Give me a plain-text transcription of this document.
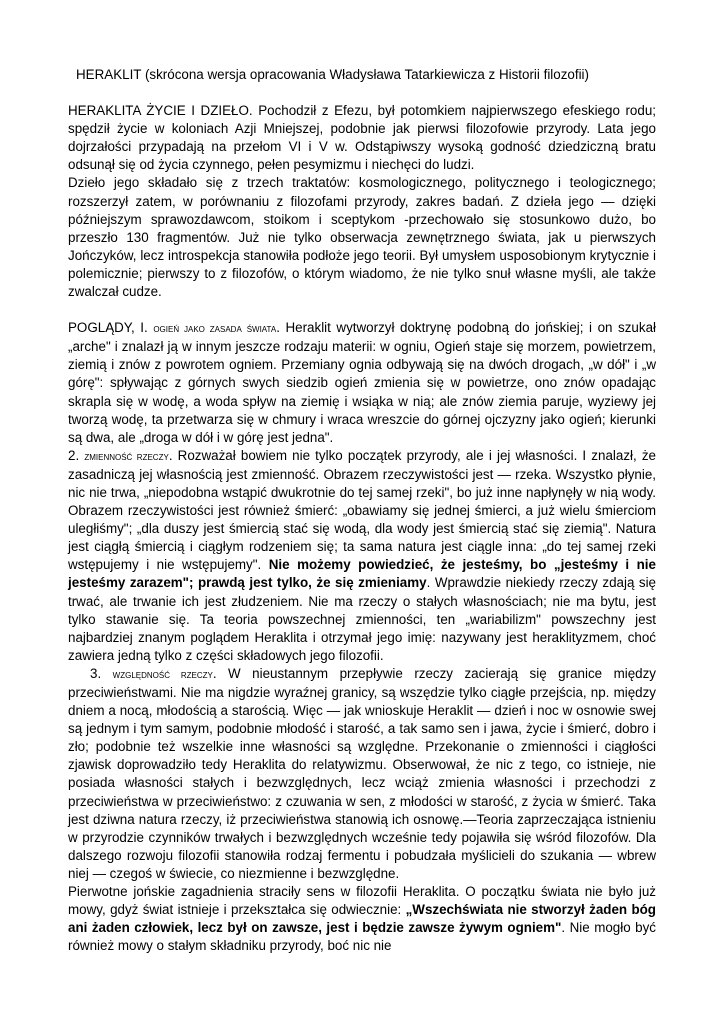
HERAKLIT (skrócona wersja opracowania Władysława Tatarkiewicza z Historii filozofii)

HERAKLITA ŻYCIE I DZIEŁO. Pochodził z Efezu, był potomkiem najpierwszego efeskiego rodu; spędził życie w koloniach Azji Mniejszej, podobnie jak pierwsi filozofowie przyrody. Lata jego dojrzałości przypadają na przełom VI i V w. Odstąpiwszy wysoką godność dziedziczną bratu odsunął się od życia czynnego, pełen pesymizmu i niechęci do ludzi.

Dzieło jego składało się z trzech traktatów: kosmologicznego, politycznego i teologicznego; rozszerzył zatem, w porównaniu z filozofami przyrody, zakres badań. Z dzieła jego — dzięki późniejszym sprawozdawcom, stoikom i sceptykom -przechowało się stosunkowo dużo, bo przeszło 130 fragmentów. Już nie tylko obserwacja zewnętrznego świata, jak u pierwszych Jończyków, lecz introspekcja stanowiła podłoże jego teorii. Był umysłem usposobionym krytycznie i polemicznie; pierwszy to z filozofów, o którym wiadomo, że nie tylko snuł własne myśli, ale także zwalczał cudze.

POGLĄDY, I. ogień jako zasada świata. Heraklit wytworzył doktrynę podobną do jońskiej; i on szukał „arche" i znalazł ją w innym jeszcze rodzaju materii: w ogniu, Ogień staje się morzem, powietrzem, ziemią i znów z powrotem ogniem. Przemiany ognia odbywają się na dwóch drogach, „w dół" i „w górę": spływając z górnych swych siedzib ogień zmienia się w powietrze, ono znów opadając skrapla się w wodę, a woda spływ na ziemię i wsiąka w nią; ale znów ziemia paruje, wyziewy jej tworzą wodę, ta przetwarza się w chmury i wraca wreszcie do górnej ojczyzny jako ogień; kierunki są dwa, ale „droga w dół i w górę jest jedna".

2. zmienność rzeczy. Rozważał bowiem nie tylko początek przyrody, ale i jej własności. I znalazł, że zasadniczą jej własnością jest zmienność. Obrazem rzeczywistości jest — rzeka. Wszystko płynie, nic nie trwa, „niepodobna wstąpić dwukrotnie do tej samej rzeki", bo już inne napłynęły w nią wody. Obrazem rzeczywistości jest również śmierć: „obawiamy się jednej śmierci, a już wielu śmierciom uległiśmy"; „dla duszy jest śmiercią stać się wodą, dla wody jest śmiercią stać się ziemią". Natura jest ciągłą śmiercią i ciągłym rodzeniem się; ta sama natura jest ciągle inna: „do tej samej rzeki wstępujemy i nie wstępujemy". Nie możemy powiedzieć, że jesteśmy, bo „jesteśmy i nie jesteśmy zarazem"; prawdą jest tylko, że się zmieniamy. Wprawdzie niekiedy rzeczy zdają się trwać, ale trwanie ich jest złudzeniem. Nie ma rzeczy o stałych własnościach; nie ma bytu, jest tylko stawanie się. Ta teoria powszechnej zmienności, ten „wariabilizm" powszechny jest najbardziej znanym poglądem Heraklita i otrzymał jego imię: nazywany jest heraklityzmem, choć zawiera jedną tylko z części składowych jego filozofii.

3. względność rzeczy. W nieustannym przepływie rzeczy zacierają się granice między przeciwieństwami. Nie ma nigdzie wyraźnej granicy, są wszędzie tylko ciągłe przejścia, np. między dniem a nocą, młodością a starością. Więc — jak wnioskuje Heraklit — dzień i noc w osnowie swej są jednym i tym samym, podobnie młodość i starość, a tak samo sen i jawa, życie i śmierć, dobro i zło; podobnie też wszelkie inne własności są względne. Przekonanie o zmienności i ciągłości zjawisk doprowadziło tedy Heraklita do relatywizmu. Obserwował, że nic z tego, co istnieje, nie posiada własności stałych i bezwzględnych, lecz wciąż zmienia własności i przechodzi z przeciwieństwa w przeciwieństwo: z czuwania w sen, z młodości w starość, z życia w śmierć. Taka jest dziwna natura rzeczy, iż przeciwieństwa stanowią ich osnowę.—Teoria zaprzeczająca istnieniu w przyrodzie czynników trwałych i bezwzględnych wcześnie tedy pojawiła się wśród filozofów. Dla dalszego rozwoju filozofii stanowiła rodzaj fermentu i pobudzała myślicieli do szukania — wbrew niej — czegoś w świecie, co niezmienne i bezwzględne.

Pierwotne jońskie zagadnienia straciły sens w filozofii Heraklita. O początku świata nie było już mowy, gdyż świat istnieje i przekształca się odwiecznie: „Wszechświata nie stworzył żaden bóg ani żaden człowiek, lecz był on zawsze, jest i będzie zawsze żywym ogniem". Nie mogło być również mowy o stałym składniku przyrody, boć nic nie
